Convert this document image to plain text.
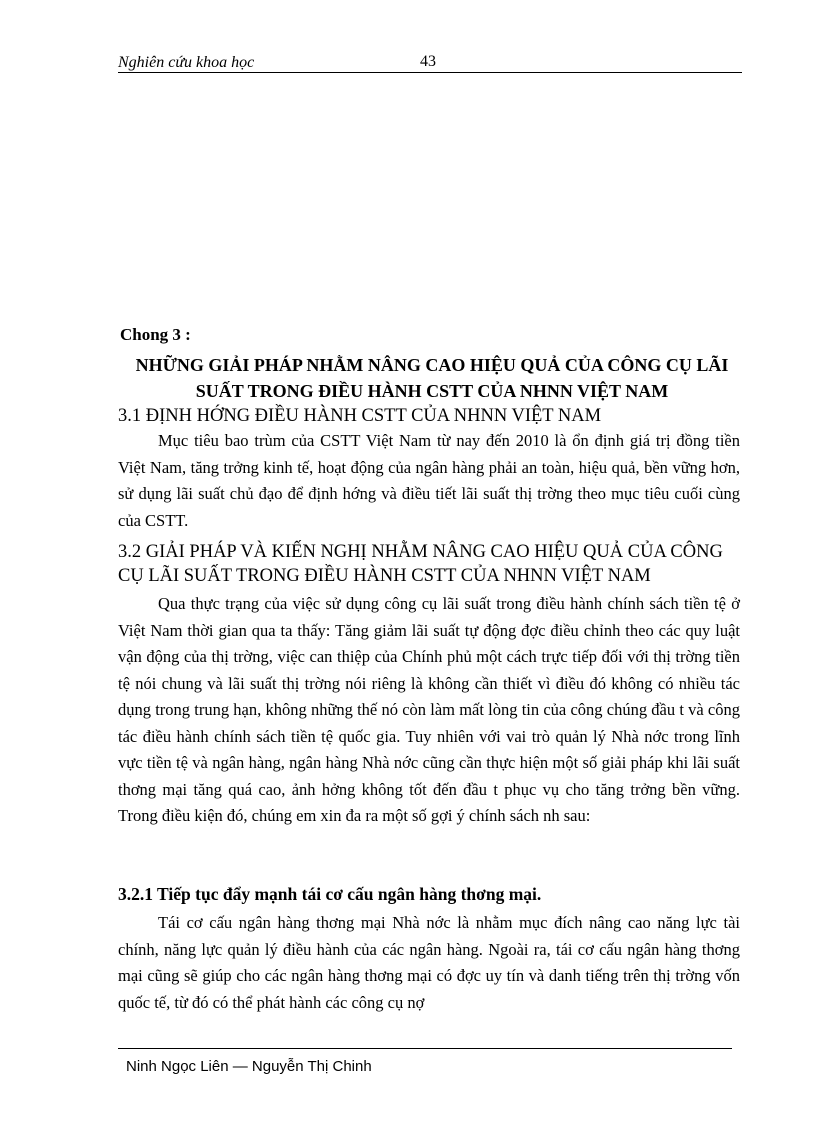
Nghiên cứu khoa học	43
Chong 3 :
NHỮNG GIẢI PHÁP NHẰM NÂNG CAO HIỆU QUẢ CỦA CÔNG CỤ LÃI
SUẤT TRONG ĐIỀU HÀNH CSTT CỦA NHNN VIỆT NAM
3.1 ĐỊNH HỚNG ĐIỀU HÀNH CSTT CỦA NHNN VIỆT NAM
Mục tiêu bao trùm của CSTT Việt Nam từ nay đến 2010 là ổn định giá trị đồng tiền Việt Nam, tăng trởng kinh tế, hoạt động của ngân hàng phải an toàn, hiệu quả, bền vững hơn, sử dụng lãi suất chủ đạo để định hớng và điều tiết lãi suất thị trờng theo mục tiêu cuối cùng của CSTT.
3.2 GIẢI PHÁP VÀ KIẾN NGHỊ NHẰM NÂNG CAO HIỆU QUẢ CỦA CÔNG CỤ LÃI SUẤT TRONG ĐIỀU HÀNH CSTT CỦA NHNN VIỆT NAM
Qua thực trạng của việc sử dụng công cụ lãi suất trong điều hành chính sách tiền tệ ở Việt Nam thời gian qua ta thấy: Tăng giảm lãi suất tự động đợc điều chỉnh theo các quy luật vận động của thị trờng, việc can thiệp của Chính phủ một cách trực tiếp đối với thị trờng tiền tệ nói chung và lãi suất thị trờng nói riêng là không cần thiết vì điều đó không có nhiều tác dụng trong trung hạn, không những thế nó còn làm mất lòng tin của công chúng đầu t và công tác điều hành chính sách tiền tệ quốc gia. Tuy nhiên với vai trò quản lý Nhà nớc trong lĩnh vực tiền tệ và ngân hàng, ngân hàng Nhà nớc cũng cần thực hiện một số giải pháp khi lãi suất thơng mại tăng quá cao, ảnh hởng không tốt đến đầu t phục vụ cho tăng trởng bền vững. Trong điều kiện đó, chúng em xin đa ra một số gợi ý chính sách nh sau:
3.2.1 Tiếp tục đẩy mạnh tái cơ cấu ngân hàng thơng mại.
Tái cơ cấu ngân hàng thơng mại Nhà nớc là nhằm mục đích nâng cao năng lực tài chính, năng lực quản lý điều hành của các ngân hàng. Ngoài ra, tái cơ cấu ngân hàng thơng mại cũng sẽ giúp cho các ngân hàng thơng mại có đợc uy tín và danh tiếng trên thị trờng vốn quốc tế, từ đó có thể phát hành các công cụ nợ
Ninh Ngọc Liên — Nguyễn Thị Chinh
